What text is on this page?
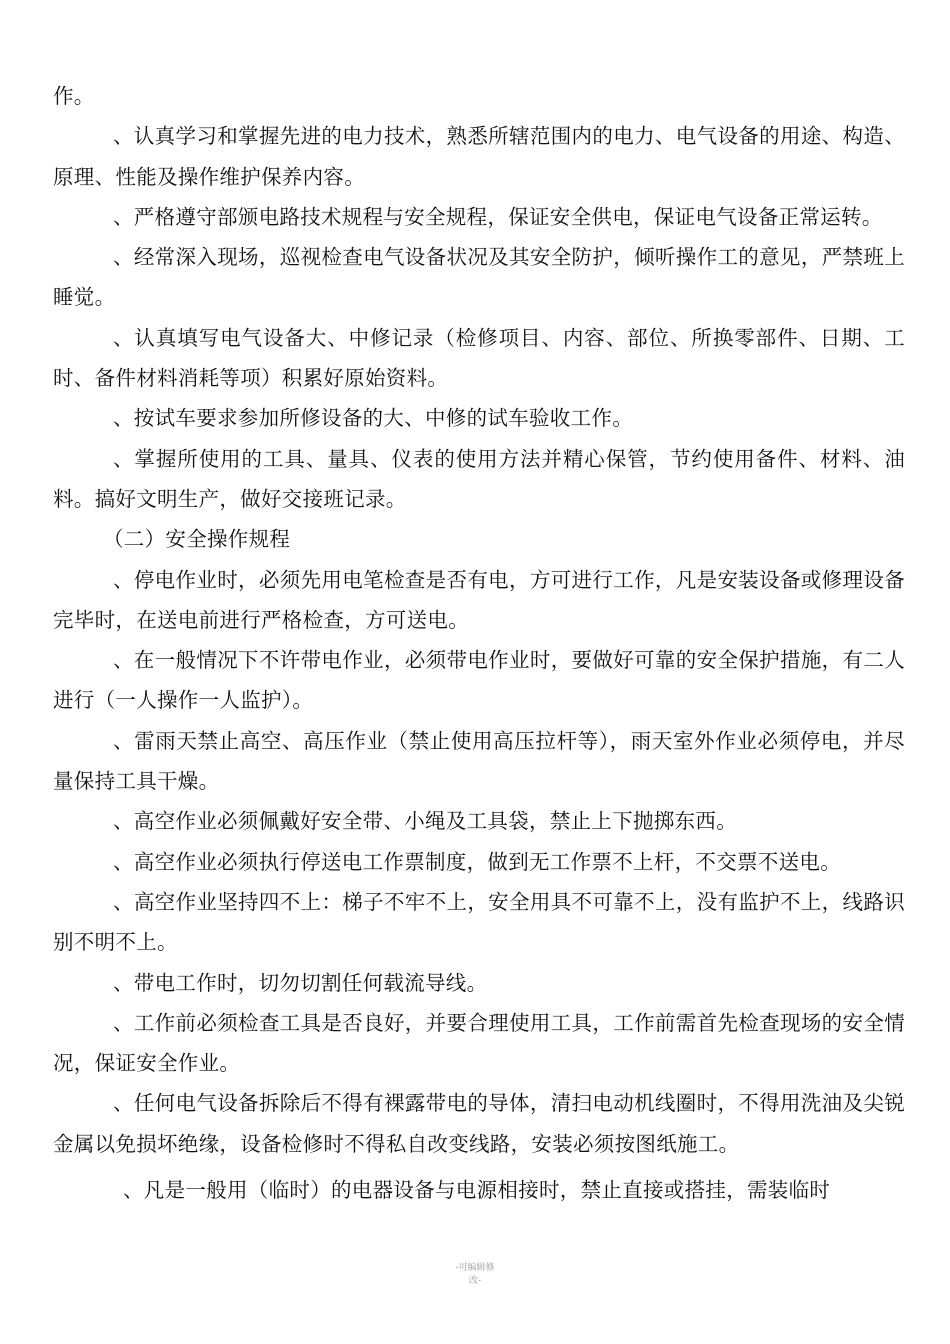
作。

、认真学习和掌握先进的电力技术，熟悉所辖范围内的电力、电气设备的用途、构造、原理、性能及操作维护保养内容。

、严格遵守部颁电路技术规程与安全规程，保证安全供电，保证电气设备正常运转。

、经常深入现场，巡视检查电气设备状况及其安全防护，倾听操作工的意见，严禁班上睡觉。

、认真填写电气设备大、中修记录（检修项目、内容、部位、所换零部件、日期、工时、备件材料消耗等项）积累好原始资料。

、按试车要求参加所修设备的大、中修的试车验收工作。

、掌握所使用的工具、量具、仪表的使用方法并精心保管，节约使用备件、材料、油料。搞好文明生产，做好交接班记录。

（二）安全操作规程

、停电作业时，必须先用电笔检查是否有电，方可进行工作，凡是安装设备或修理设备完毕时，在送电前进行严格检查，方可送电。

、在一般情况下不许带电作业，必须带电作业时，要做好可靠的安全保护措施，有二人进行（一人操作一人监护）。

、雷雨天禁止高空、高压作业（禁止使用高压拉杆等），雨天室外作业必须停电，并尽量保持工具干燥。

、高空作业必须佩戴好安全带、小绳及工具袋，禁止上下抛掷东西。

、高空作业必须执行停送电工作票制度，做到无工作票不上杆，不交票不送电。

、高空作业坚持四不上：梯子不牢不上，安全用具不可靠不上，没有监护不上，线路识别不明不上。

、带电工作时，切勿切割任何载流导线。

、工作前必须检查工具是否良好，并要合理使用工具，工作前需首先检查现场的安全情况，保证安全作业。

、任何电气设备拆除后不得有裸露带电的导体，清扫电动机线圈时，不得用洗油及尖锐金属以免损坏绝缘，设备检修时不得私自改变线路，安装必须按图纸施工。

、凡是一般用（临时）的电器设备与电源相接时，禁止直接或搭挂，需装临时

-可编辑修
改-
